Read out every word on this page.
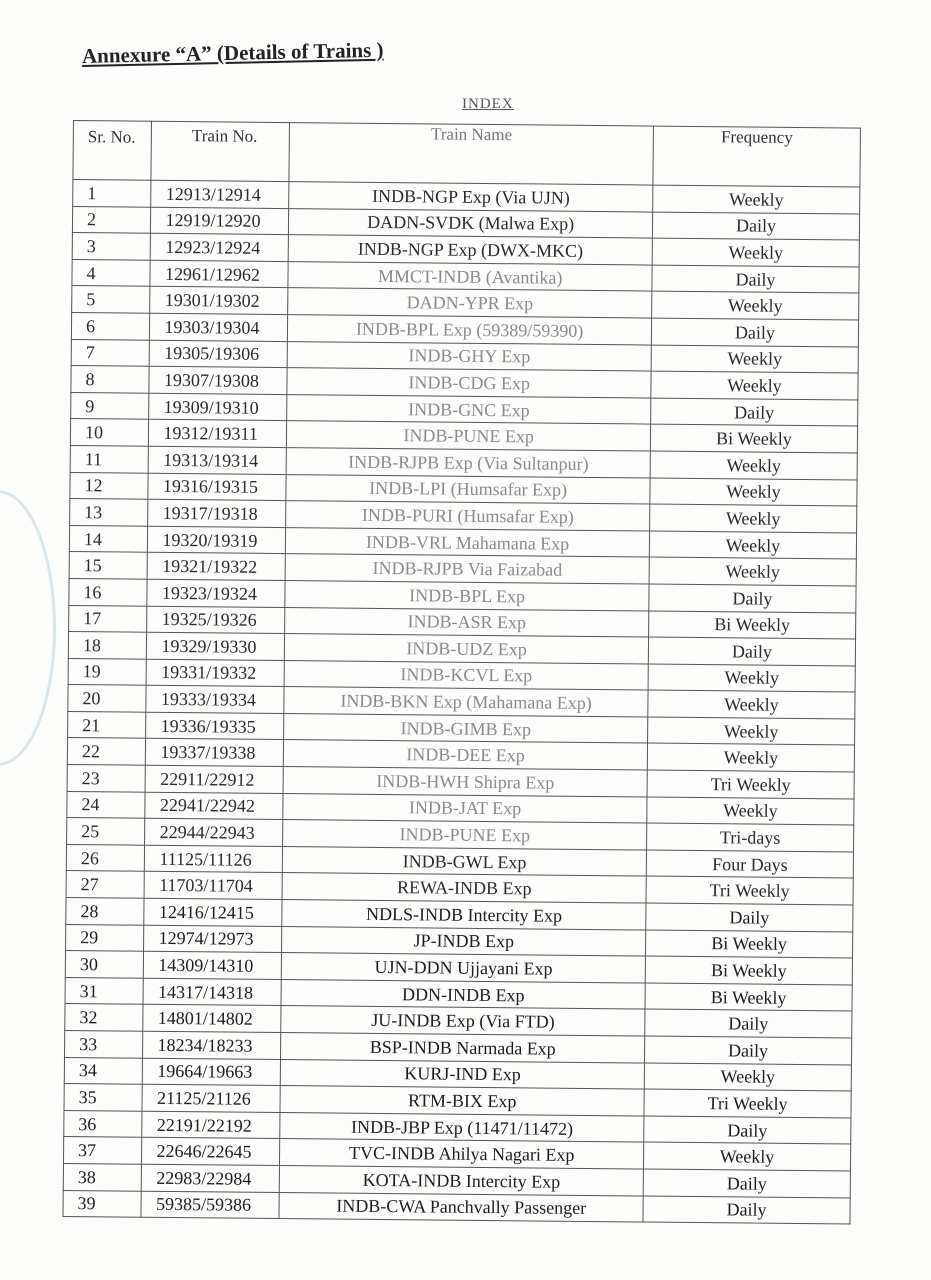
Annexure “A” (Details of Trains )
INDEX
Sr. No.	Train No.	Train Name	Frequency
1	12913/12914	INDB-NGP Exp (Via UJN)	Weekly
2	12919/12920	DADN-SVDK (Malwa Exp)	Daily
3	12923/12924	INDB-NGP Exp (DWX-MKC)	Weekly
4	12961/12962	MMCT-INDB (Avantika)	Daily
5	19301/19302	DADN-YPR Exp	Weekly
6	19303/19304	INDB-BPL Exp (59389/59390)	Daily
7	19305/19306	INDB-GHY Exp	Weekly
8	19307/19308	INDB-CDG Exp	Weekly
9	19309/19310	INDB-GNC Exp	Daily
10	19312/19311	INDB-PUNE Exp	Bi Weekly
11	19313/19314	INDB-RJPB Exp (Via Sultanpur)	Weekly
12	19316/19315	INDB-LPI (Humsafar Exp)	Weekly
13	19317/19318	INDB-PURI (Humsafar Exp)	Weekly
14	19320/19319	INDB-VRL Mahamana Exp	Weekly
15	19321/19322	INDB-RJPB Via Faizabad	Weekly
16	19323/19324	INDB-BPL Exp	Daily
17	19325/19326	INDB-ASR Exp	Bi Weekly
18	19329/19330	INDB-UDZ Exp	Daily
19	19331/19332	INDB-KCVL Exp	Weekly
20	19333/19334	INDB-BKN Exp (Mahamana Exp)	Weekly
21	19336/19335	INDB-GIMB Exp	Weekly
22	19337/19338	INDB-DEE Exp	Weekly
23	22911/22912	INDB-HWH Shipra Exp	Tri Weekly
24	22941/22942	INDB-JAT Exp	Weekly
25	22944/22943	INDB-PUNE Exp	Tri-days
26	11125/11126	INDB-GWL Exp	Four Days
27	11703/11704	REWA-INDB Exp	Tri Weekly
28	12416/12415	NDLS-INDB Intercity Exp	Daily
29	12974/12973	JP-INDB Exp	Bi Weekly
30	14309/14310	UJN-DDN Ujjayani Exp	Bi Weekly
31	14317/14318	DDN-INDB Exp	Bi Weekly
32	14801/14802	JU-INDB Exp (Via FTD)	Daily
33	18234/18233	BSP-INDB Narmada Exp	Daily
34	19664/19663	KURJ-IND Exp	Weekly
35	21125/21126	RTM-BIX Exp	Tri Weekly
36	22191/22192	INDB-JBP Exp (11471/11472)	Daily
37	22646/22645	TVC-INDB Ahilya Nagari Exp	Weekly
38	22983/22984	KOTA-INDB Intercity Exp	Daily
39	59385/59386	INDB-CWA Panchvally Passenger	Daily
